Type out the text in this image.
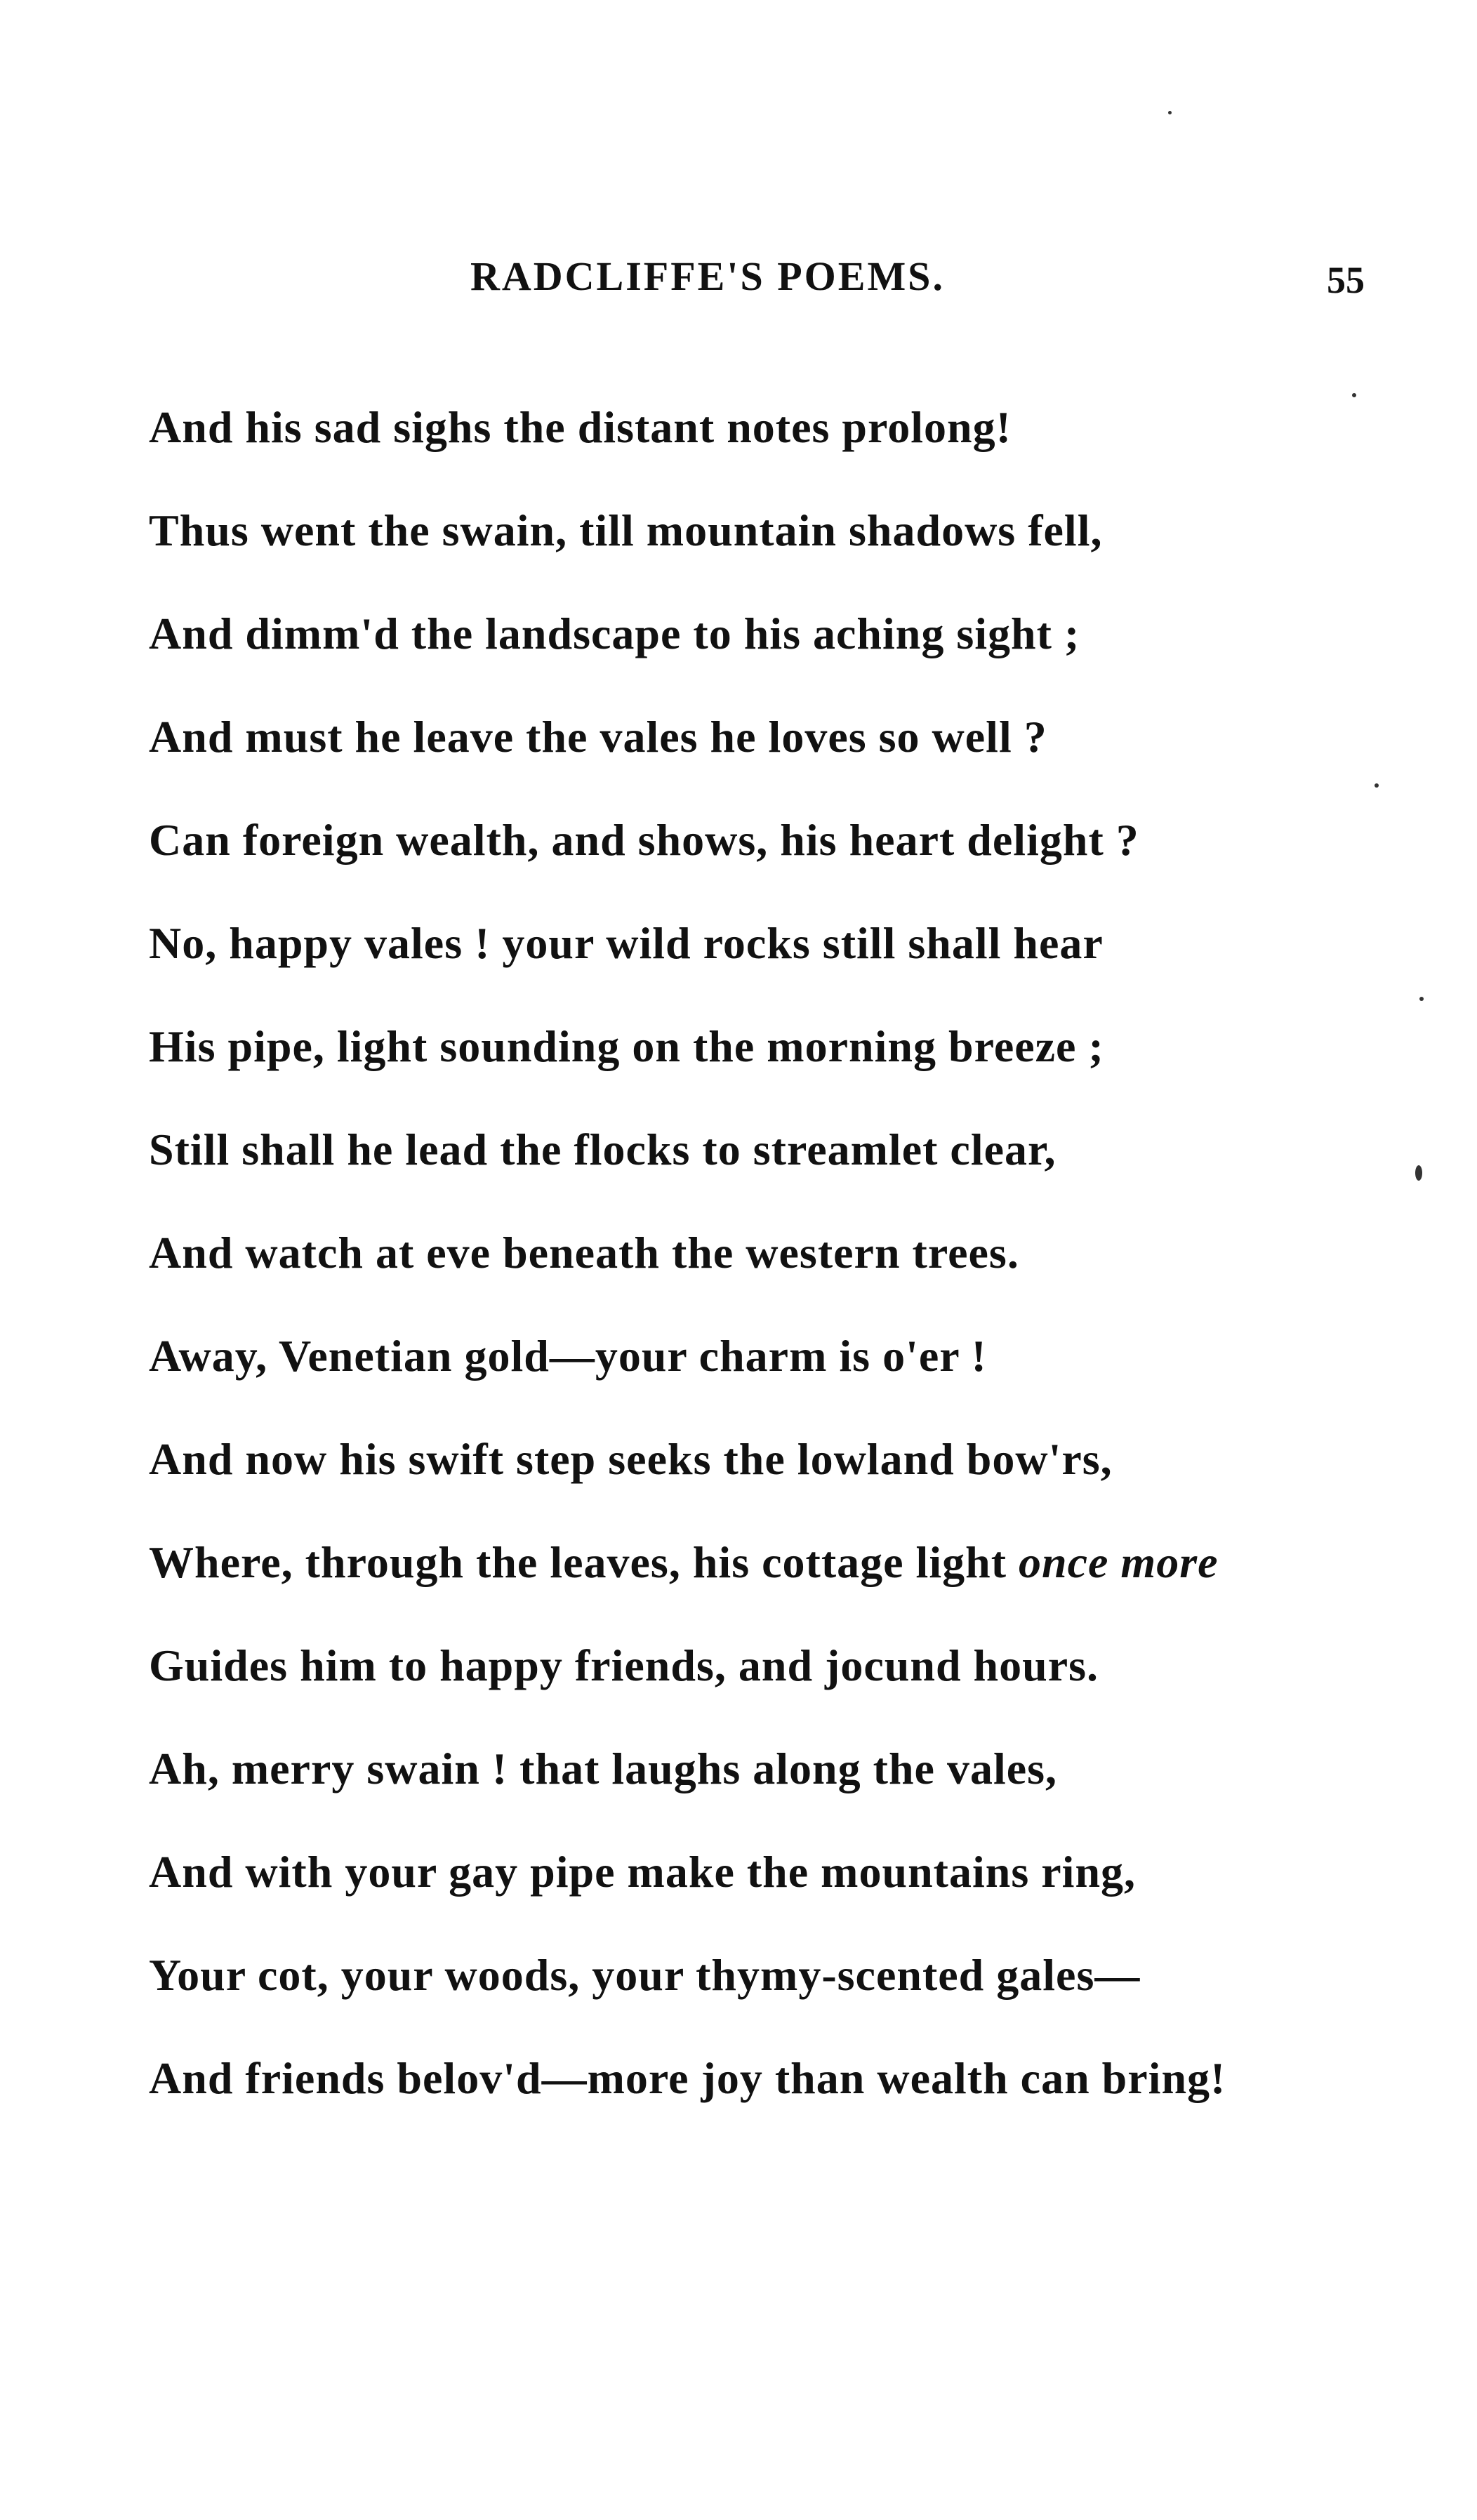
RADCLIFFE'S POEMS.	55
And his sad sighs the distant notes prolong!
Thus went the swain, till mountain shadows fell,
And dimm'd the landscape to his aching sight ;
And must he leave the vales he loves so well ?
Can foreign wealth, and shows, his heart delight ?
No, happy vales ! your wild rocks still shall hear
His pipe, light sounding on the morning breeze ;
Still shall he lead the flocks to streamlet clear,
And watch at eve beneath the western trees.
Away, Venetian gold—your charm is o'er !
And now his swift step seeks the lowland bow'rs,
Where, through the leaves, his cottage light once more
Guides him to happy friends, and jocund hours.
Ah, merry swain ! that laughs along the vales,
And with your gay pipe make the mountains ring,
Your cot, your woods, your thymy-scented gales—
And friends belov'd—more joy than wealth can bring!
